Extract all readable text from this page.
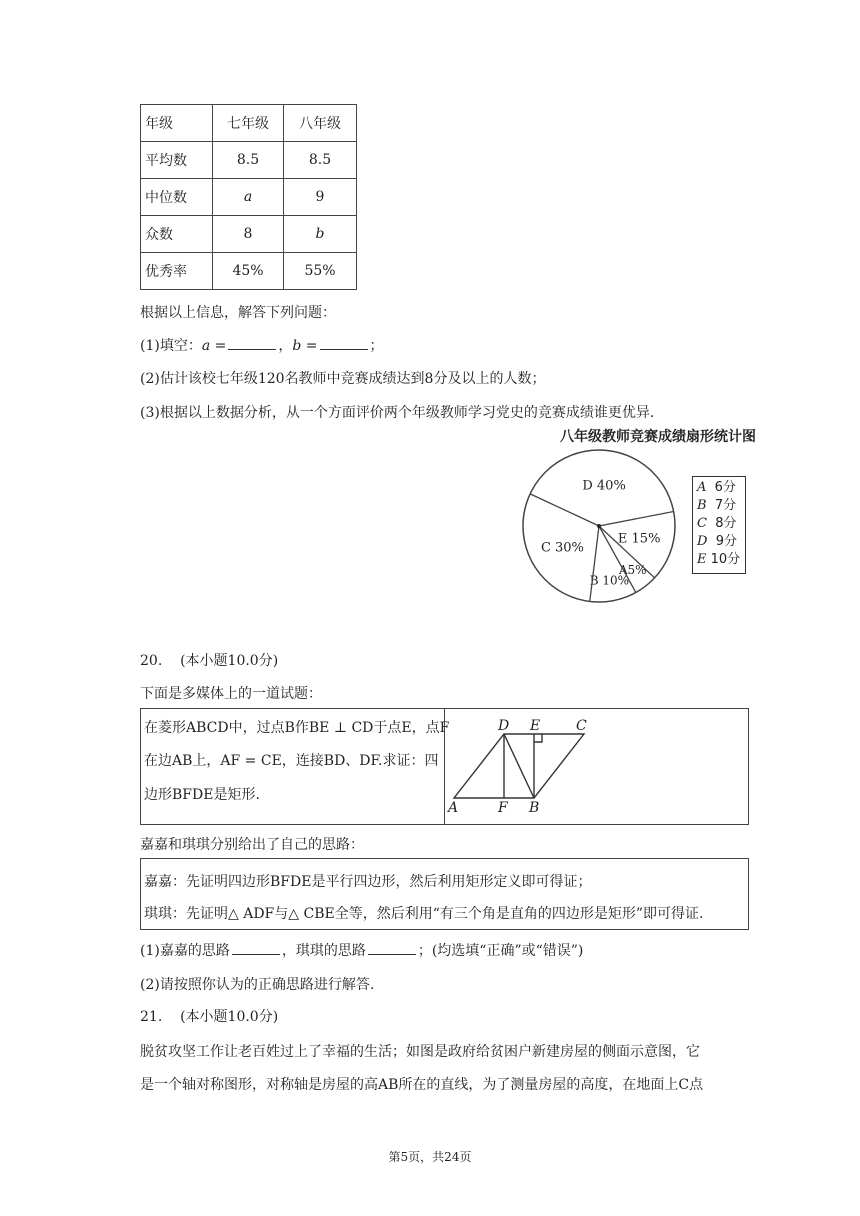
年级	七年级	八年级
平均数	8.5	8.5
中位数	a	9
众数	8	b
优秀率	45%	55%
根据以上信息，解答下列问题：
(1)填空：a =	，b =	；
(2)估计该校七年级120名教师中竞赛成绩达到8分及以上的人数；
(3)根据以上数据分析，从一个方面评价两个年级教师学习党史的竞赛成绩谁更优异.
八年级教师竞赛成绩扇形统计图
D 40%
E 15%
A5%
B 10%
C 30%
A 6分
B 7分
C 8分
D 9分
E 10分
20. (本小题10.0分)
下面是多媒体上的一道试题：
在菱形ABCD中，过点B作BE ⊥ CD于点E，点F
在边AB上，AF = CE，连接BD、DF.求证：四
边形BFDE是矩形.
D E	C
A	F B
嘉嘉和琪琪分别给出了自己的思路：
嘉嘉：先证明四边形BFDE是平行四边形，然后利用矩形定义即可得证；
琪琪：先证明△ ADF与△ CBE全等，然后利用“有三个角是直角的四边形是矩形”即可得证.
(1)嘉嘉的思路	，琪琪的思路	；(均选填“正确”或“错误”)
(2)请按照你认为的正确思路进行解答.
21. (本小题10.0分)
脱贫攻坚工作让老百姓过上了幸福的生活；如图是政府给贫困户新建房屋的侧面示意图，它
是一个轴对称图形，对称轴是房屋的高AB所在的直线，为了测量房屋的高度，在地面上C点
第5页，共24页
